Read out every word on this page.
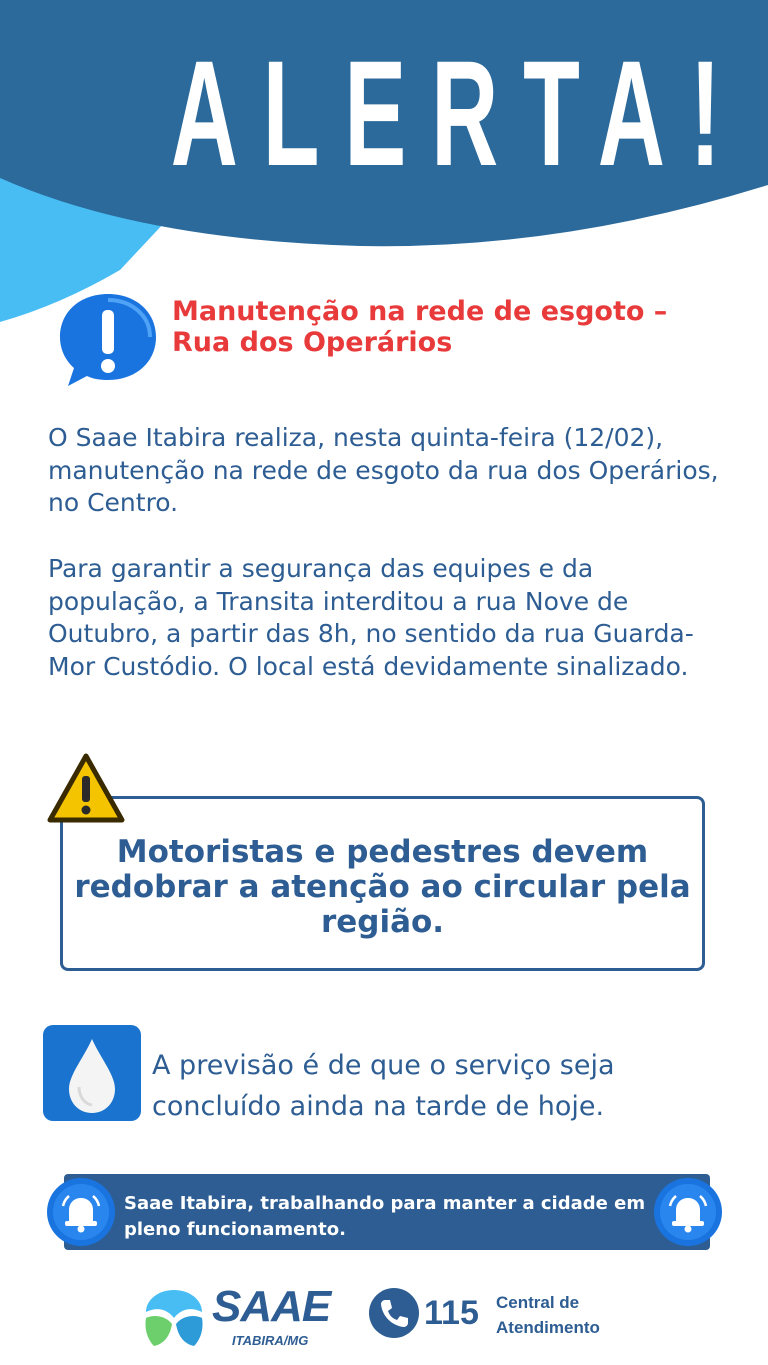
ALERTA!
Manutenção na rede de esgoto – Rua dos Operários
O Saae Itabira realiza, nesta quinta-feira (12/02), manutenção na rede de esgoto da rua dos Operários, no Centro.
Para garantir a segurança das equipes e da população, a Transita interditou a rua Nove de Outubro, a partir das 8h, no sentido da rua Guarda-Mor Custódio. O local está devidamente sinalizado.
Motoristas e pedestres devem redobrar a atenção ao circular pela região.
A previsão é de que o serviço seja concluído ainda na tarde de hoje.
Saae Itabira, trabalhando para manter a cidade em pleno funcionamento.
SAAE
ITABIRA/MG
115	Central de Atendimento
